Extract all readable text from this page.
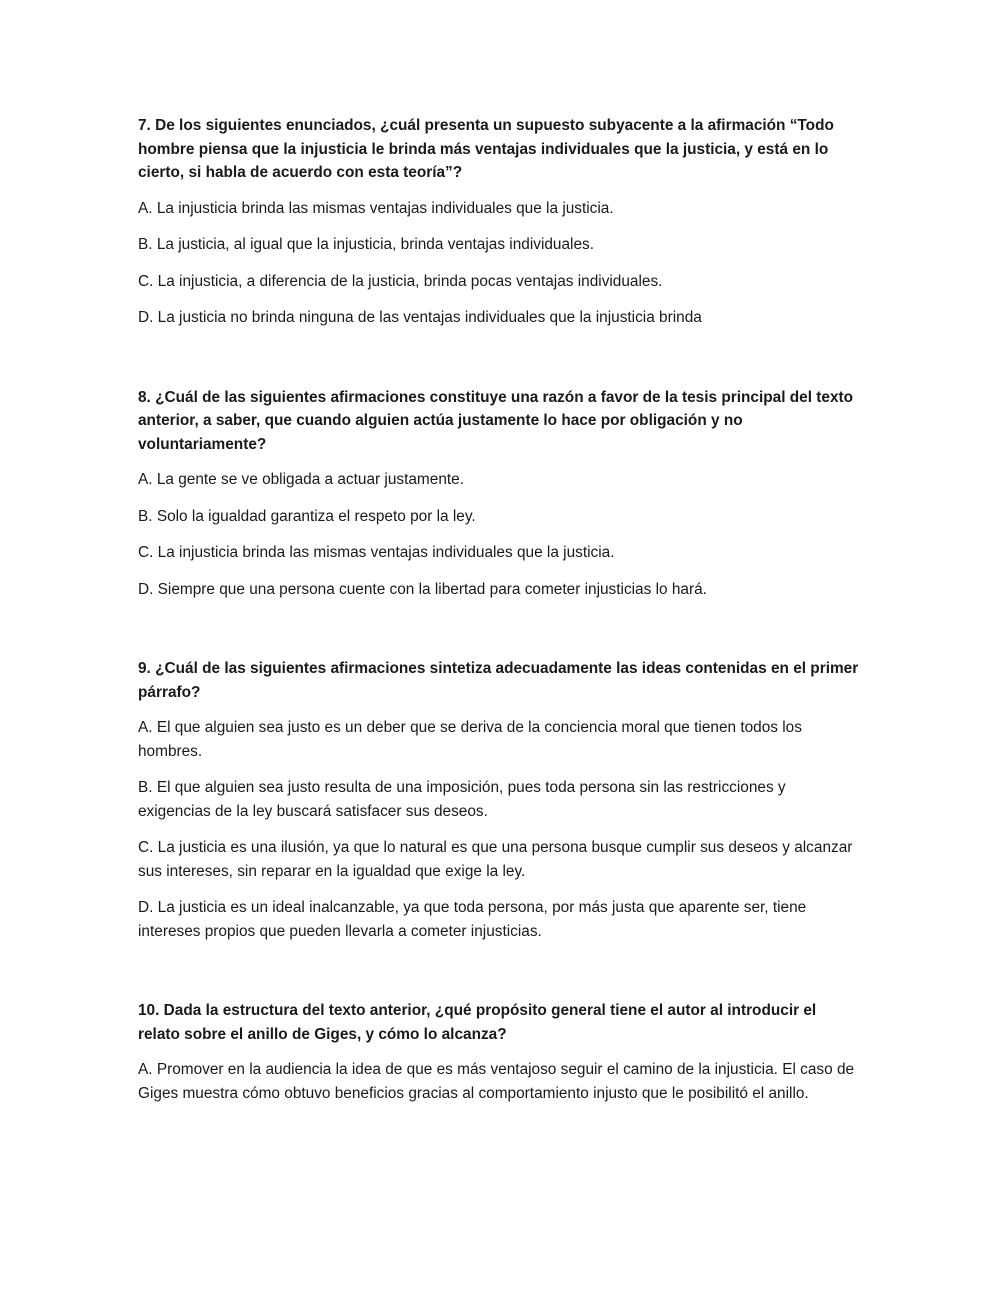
7. De los siguientes enunciados, ¿cuál presenta un supuesto subyacente a la afirmación “Todo hombre piensa que la injusticia le brinda más ventajas individuales que la justicia, y está en lo cierto, si habla de acuerdo con esta teoría”?

A. La injusticia brinda las mismas ventajas individuales que la justicia.

B. La justicia, al igual que la injusticia, brinda ventajas individuales.

C. La injusticia, a diferencia de la justicia, brinda pocas ventajas individuales.

D. La justicia no brinda ninguna de las ventajas individuales que la injusticia brinda

8. ¿Cuál de las siguientes afirmaciones constituye una razón a favor de la tesis principal del texto anterior, a saber, que cuando alguien actúa justamente lo hace por obligación y no voluntariamente?

A. La gente se ve obligada a actuar justamente.

B. Solo la igualdad garantiza el respeto por la ley.

C. La injusticia brinda las mismas ventajas individuales que la justicia.

D. Siempre que una persona cuente con la libertad para cometer injusticias lo hará.

9. ¿Cuál de las siguientes afirmaciones sintetiza adecuadamente las ideas contenidas en el primer párrafo?

A. El que alguien sea justo es un deber que se deriva de la conciencia moral que tienen todos los hombres.

B. El que alguien sea justo resulta de una imposición, pues toda persona sin las restricciones y exigencias de la ley buscará satisfacer sus deseos.

C. La justicia es una ilusión, ya que lo natural es que una persona busque cumplir sus deseos y alcanzar sus intereses, sin reparar en la igualdad que exige la ley.

D. La justicia es un ideal inalcanzable, ya que toda persona, por más justa que aparente ser, tiene intereses propios que pueden llevarla a cometer injusticias.

10. Dada la estructura del texto anterior, ¿qué propósito general tiene el autor al introducir el relato sobre el anillo de Giges, y cómo lo alcanza?

A. Promover en la audiencia la idea de que es más ventajoso seguir el camino de la injusticia. El caso de Giges muestra cómo obtuvo beneficios gracias al comportamiento injusto que le posibilitó el anillo.
